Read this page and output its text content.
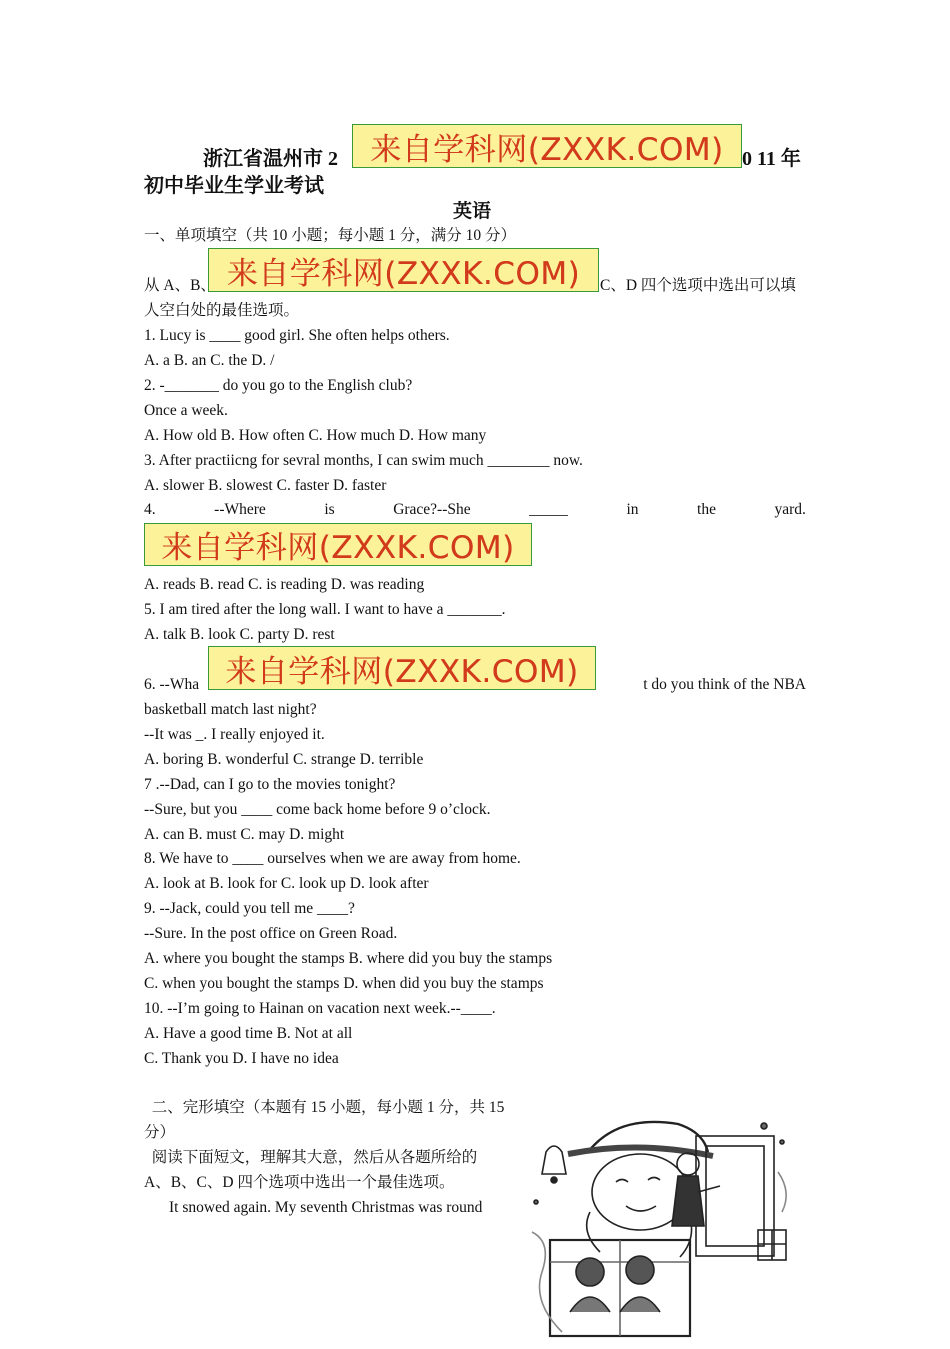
浙江省温州市 2	0 11 年
初中毕业生学业考试
英语
来自学科网(ZXXK.COM)
来自学科网(ZXXK.COM)
来自学科网(ZXXK.COM)
来自学科网(ZXXK.COM)
一、单项填空（共 10 小题；每小题 1 分，满分 10 分）
从 A、B、	C、D 四个选项中选出可以填
人空白处的最佳选项。
1. Lucy is ____ good girl. She often helps others.
A. a B. an C. the D. /
2. -_______ do you go to the English club?
Once a week.
A. How old B. How often C. How much D. How many
3. After practiicng for sevral months, I can swim much ________ now.
A. slower B. slowest C. faster D. faster
4.	--Where	is	Grace?--She	_____	in	the	yard.
A. reads B. read C. is reading D. was reading
5. I am tired after the long wall. I want to have a _______.
A. talk B. look C. party D. rest
6. --Wha	t do you think of the NBA
basketball match last night?
--It was _. I really enjoyed it.
A. boring B. wonderful C. strange D. terrible
7 .--Dad, can I go to the movies tonight?
--Sure, but you ____ come back home before 9 o’clock.
A. can B. must C. may D. might
8. We have to ____ ourselves when we are away from home.
A. look at B. look for C. look up D. look after
9. --Jack, could you tell me ____?
--Sure. In the post office on Green Road.
A. where you bought the stamps B. where did you buy the stamps
C. when you bought the stamps D. when did you buy the stamps
10. --I’m going to Hainan on vacation next week.--____.
A. Have a good time B. Not at all
C. Thank you D. I have no idea
二、完形填空（本题有 15 小题，每小题 1 分，共 15
分）
阅读下面短文，理解其大意，然后从各题所给的
A、B、C、D 四个选项中选出一个最佳选项。
It snowed again. My seventh Christmas was round
